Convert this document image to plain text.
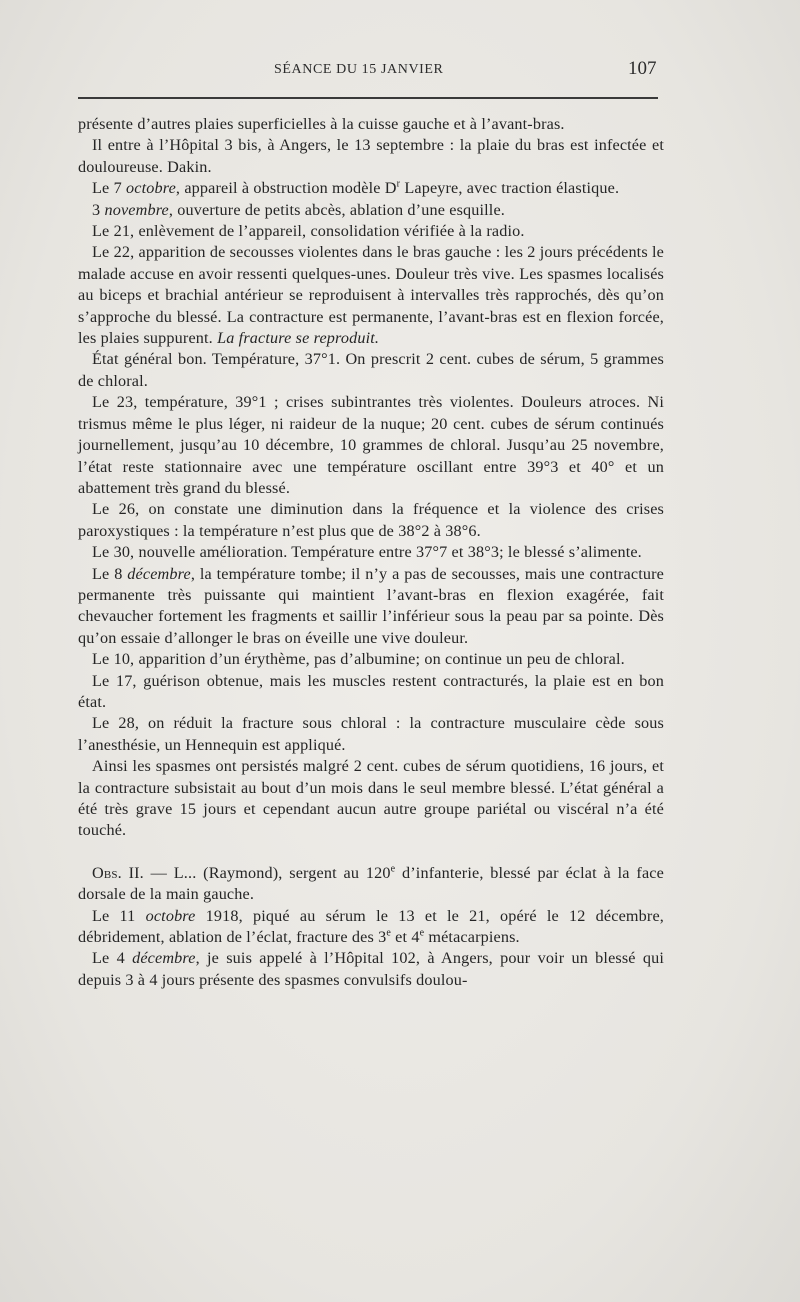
SÉANCE DU 15 JANVIER	107

présente d’autres plaies superficielles à la cuisse gauche et à l’avant-bras.

Il entre à l’Hôpital 3 bis, à Angers, le 13 septembre : la plaie du bras est infectée et douloureuse. Dakin.

Le 7 octobre, appareil à obstruction modèle $D^r$ Lapeyre, avec traction élastique.

3 novembre, ouverture de petits abcès, ablation d’une esquille.

Le 21, enlèvement de l’appareil, consolidation vérifiée à la radio.

Le 22, apparition de secousses violentes dans le bras gauche : les 2 jours précédents le malade accuse en avoir ressenti quelques-unes. Douleur très vive. Les spasmes localisés au biceps et brachial antérieur se reproduisent à intervalles très rapprochés, dès qu’on s’approche du blessé. La contracture est permanente, l’avant-bras est en flexion forcée, les plaies suppurent. La fracture se reproduit.

État général bon. Température, 37°1. On prescrit 2 cent. cubes de sérum, 5 grammes de chloral.

Le 23, température, 39°1 ; crises subintrantes très violentes. Douleurs atroces. Ni trismus même le plus léger, ni raideur de la nuque; 20 cent. cubes de sérum continués journellement, jusqu’au 10 décembre, 10 grammes de chloral. Jusqu’au 25 novembre, l’état reste stationnaire avec une température oscillant entre 39°3 et 40° et un abattement très grand du blessé.

Le 26, on constate une diminution dans la fréquence et la violence des crises paroxystiques : la température n’est plus que de 38°2 à 38°6.

Le 30, nouvelle amélioration. Température entre 37°7 et 38°3; le blessé s’alimente.

Le 8 décembre, la température tombe; il n’y a pas de secousses, mais une contracture permanente très puissante qui maintient l’avant-bras en flexion exagérée, fait chevaucher fortement les fragments et saillir l’inférieur sous la peau par sa pointe. Dès qu’on essaie d’allonger le bras on éveille une vive douleur.

Le 10, apparition d’un érythème, pas d’albumine; on continue un peu de chloral.

Le 17, guérison obtenue, mais les muscles restent contracturés, la plaie est en bon état.

Le 28, on réduit la fracture sous chloral : la contracture musculaire cède sous l’anesthésie, un Hennequin est appliqué.

Ainsi les spasmes ont persistés malgré 2 cent. cubes de sérum quotidiens, 16 jours, et la contracture subsistait au bout d’un mois dans le seul membre blessé. L’état général a été très grave 15 jours et cependant aucun autre groupe pariétal ou viscéral n’a été touché.

Obs. II. — L... (Raymond), sergent au 120e d’infanterie, blessé par éclat à la face dorsale de la main gauche.

Le 11 octobre 1918, piqué au sérum le 13 et le 21, opéré le 12 décembre, débridement, ablation de l’éclat, fracture des 3e et 4e métacarpiens.

Le 4 décembre, je suis appelé à l’Hôpital 102, à Angers, pour voir un blessé qui depuis 3 à 4 jours présente des spasmes convulsifs doulou-
